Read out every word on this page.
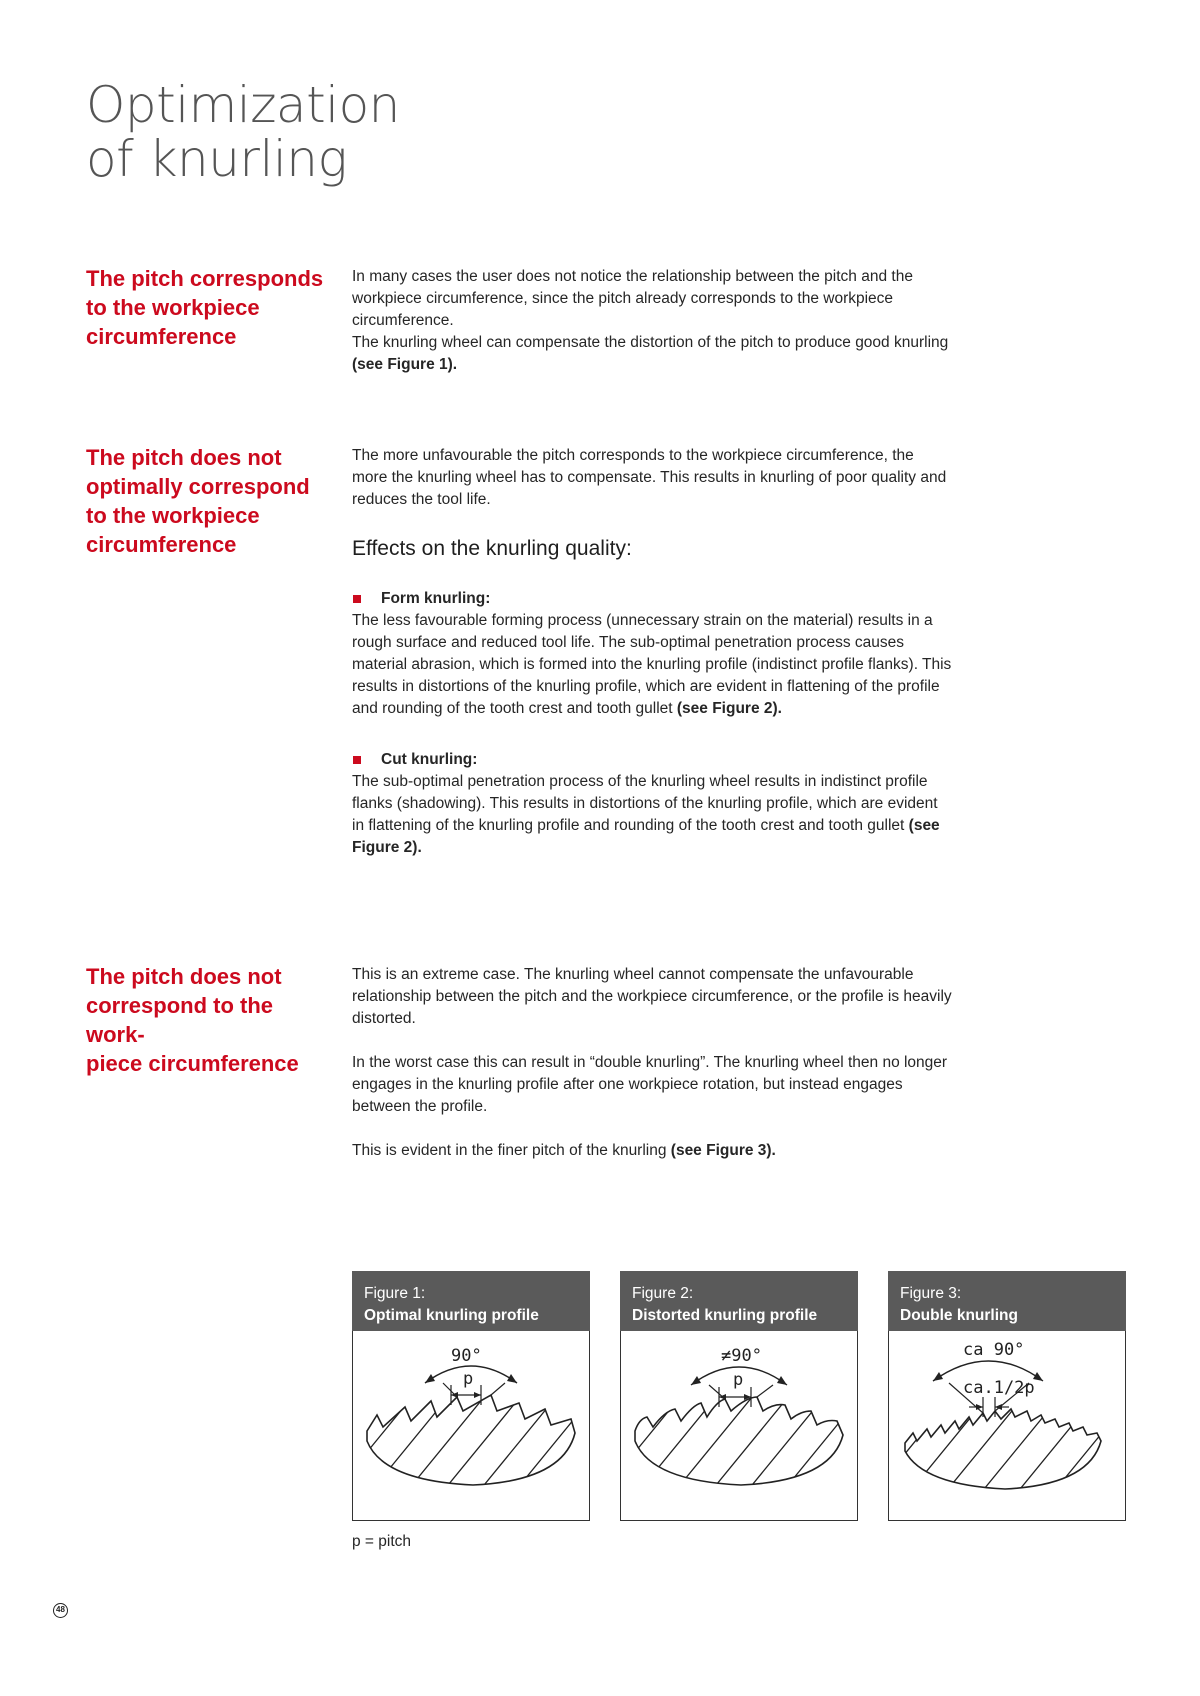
Optimization
of knurling
The pitch corresponds
to the workpiece
circumference

In many cases the user does not notice the relationship between the pitch and the workpiece circumference, since the pitch already corresponds to the workpiece circumference.

The knurling wheel can compensate the distortion of the pitch to produce good knurling (see Figure 1).

The pitch does not
optimally correspond
to the workpiece
circumference

The more unfavourable the pitch corresponds to the workpiece circumference, the more the knurling wheel has to compensate. This results in knurling of poor quality and reduces the tool life.

Effects on the knurling quality:
Form knurling:

The less favourable forming process (unnecessary strain on the material) results in a rough surface and reduced tool life. The sub-optimal penetration process causes material abrasion, which is formed into the knurling profile (indistinct profile flanks). This results in distortions of the knurling profile, which are evident in flattening of the profile and rounding of the tooth crest and tooth gullet (see Figure 2).

Cut knurling:

The sub-optimal penetration process of the knurling wheel results in indistinct profile flanks (shadowing). This results in distortions of the knurling profile, which are evident in flattening of the knurling profile and rounding of the tooth crest and tooth gullet (see Figure 2).

The pitch does not
correspond to the work-
piece circumference

This is an extreme case. The knurling wheel cannot compensate the unfavourable relationship between the pitch and the workpiece circumference, or the profile is heavily distorted.

In the worst case this can result in “double knurling”. The knurling wheel then no longer engages in the knurling profile after one workpiece rotation, but instead engages between the profile.

This is evident in the finer pitch of the knurling (see Figure 3).

Figure 1:
Optimal knurling profile
90°
p
Figure 2:
Distorted knurling profile
≠90°
p
Figure 3:
Double knurling
ca 90°
ca.1/2p
p = pitch
48
